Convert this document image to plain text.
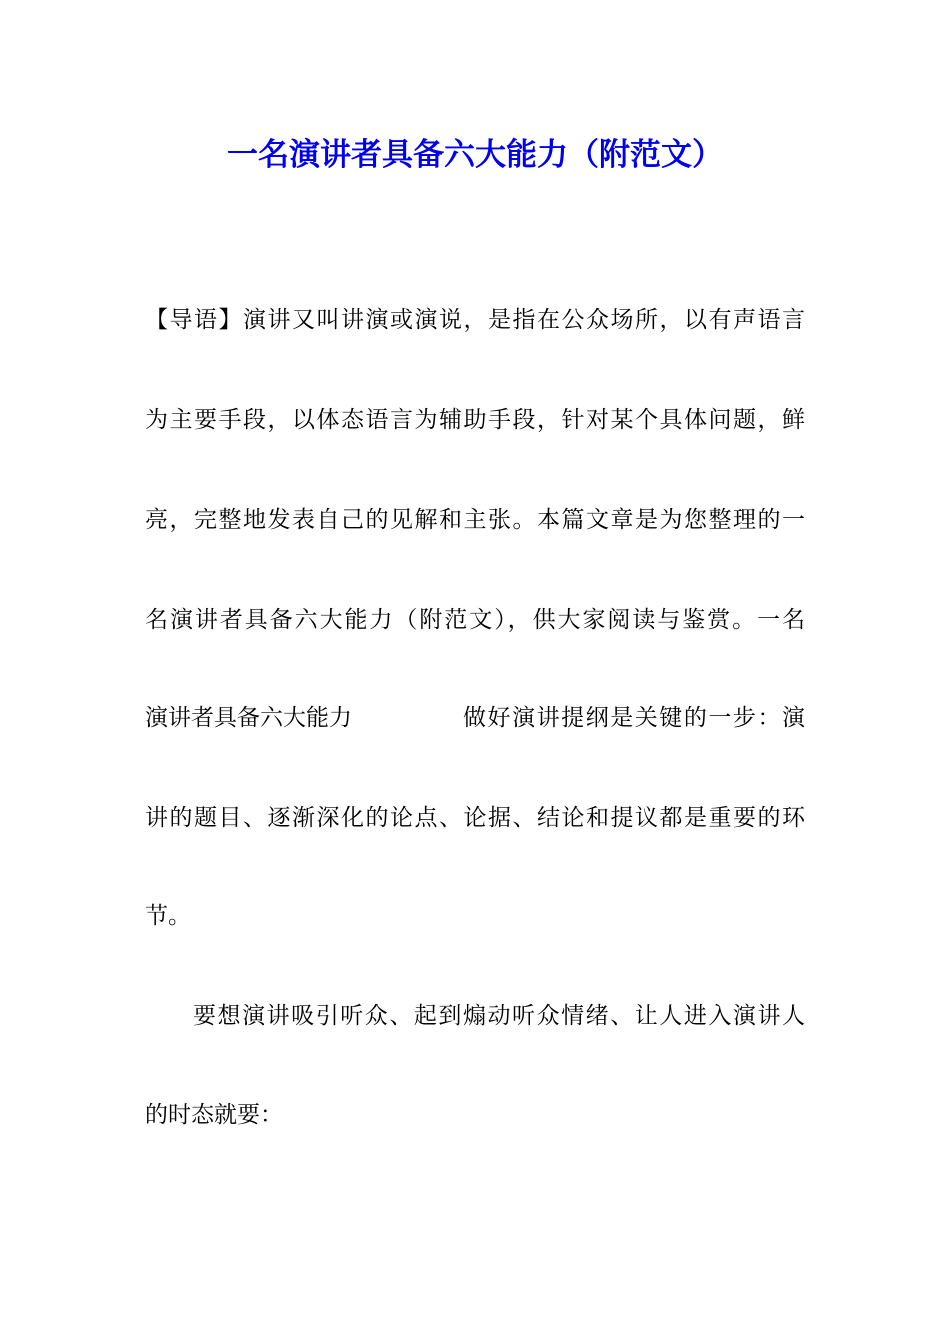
一名演讲者具备六大能力（附范文）
【导语】演讲又叫讲演或演说，是指在公众场所，以有声语言
为主要手段，以体态语言为辅助手段，针对某个具体问题，鲜
亮，完整地发表自己的见解和主张。本篇文章是为您整理的一
名演讲者具备六大能力（附范文），供大家阅读与鉴赏。一名
演讲者具备六大能力	做好演讲提纲是关键的一步：演
讲的题目、逐渐深化的论点、论据、结论和提议都是重要的环
节。
要想演讲吸引听众、起到煽动听众情绪、让人进入演讲人
的时态就要：
